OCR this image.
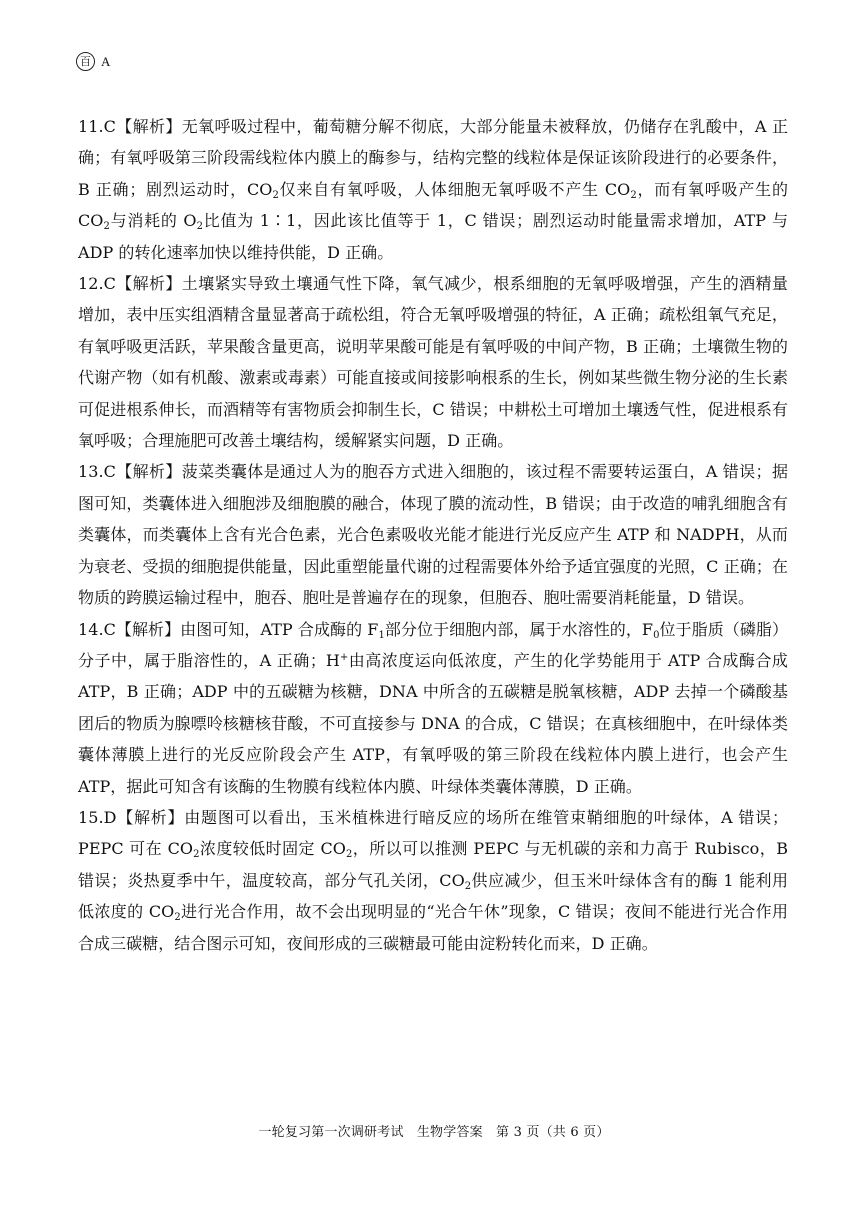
百 A

11.C【解析】无氧呼吸过程中，葡萄糖分解不彻底，大部分能量未被释放，仍储存在乳酸中，A 正确；有氧呼吸第三阶段需线粒体内膜上的酶参与，结构完整的线粒体是保证该阶段进行的必要条件，B 正确；剧烈运动时，$CO_2$仅来自有氧呼吸，人体细胞无氧呼吸不产生 $CO_2$，而有氧呼吸产生的 $CO_2$与消耗的 $O_2$比值为 1∶1，因此该比值等于 1，C 错误；剧烈运动时能量需求增加，ATP 与 ADP 的转化速率加快以维持供能，D 正确。

12.C【解析】土壤紧实导致土壤通气性下降，氧气减少，根系细胞的无氧呼吸增强，产生的酒精量增加，表中压实组酒精含量显著高于疏松组，符合无氧呼吸增强的特征，A 正确；疏松组氧气充足，有氧呼吸更活跃，苹果酸含量更高，说明苹果酸可能是有氧呼吸的中间产物，B 正确；土壤微生物的代谢产物（如有机酸、激素或毒素）可能直接或间接影响根系的生长，例如某些微生物分泌的生长素可促进根系伸长，而酒精等有害物质会抑制生长，C 错误；中耕松土可增加土壤透气性，促进根系有氧呼吸；合理施肥可改善土壤结构，缓解紧实问题，D 正确。

13.C【解析】菠菜类囊体是通过人为的胞吞方式进入细胞的，该过程不需要转运蛋白，A 错误；据图可知，类囊体进入细胞涉及细胞膜的融合，体现了膜的流动性，B 错误；由于改造的哺乳细胞含有类囊体，而类囊体上含有光合色素，光合色素吸收光能才能进行光反应产生 ATP 和 NADPH，从而为衰老、受损的细胞提供能量，因此重塑能量代谢的过程需要体外给予适宜强度的光照，C 正确；在物质的跨膜运输过程中，胞吞、胞吐是普遍存在的现象，但胞吞、胞吐需要消耗能量，D 错误。

14.C【解析】由图可知，ATP 合成酶的 $F_1$部分位于细胞内部，属于水溶性的，$F_0$位于脂质（磷脂）分子中，属于脂溶性的，A 正确；H+由高浓度运向低浓度，产生的化学势能用于 ATP 合成酶合成 ATP，B 正确；ADP 中的五碳糖为核糖，DNA 中所含的五碳糖是脱氧核糖，ADP 去掉一个磷酸基团后的物质为腺嘌呤核糖核苷酸，不可直接参与 DNA 的合成，C 错误；在真核细胞中，在叶绿体类囊体薄膜上进行的光反应阶段会产生 ATP，有氧呼吸的第三阶段在线粒体内膜上进行，也会产生 ATP，据此可知含有该酶的生物膜有线粒体内膜、叶绿体类囊体薄膜，D 正确。

15.D【解析】由题图可以看出，玉米植株进行暗反应的场所在维管束鞘细胞的叶绿体，A 错误；PEPC 可在 $CO_2$浓度较低时固定 $CO_2$，所以可以推测 PEPC 与无机碳的亲和力高于 Rubisco，B 错误；炎热夏季中午，温度较高，部分气孔关闭，$CO_2$供应减少，但玉米叶绿体含有的酶 1 能利用低浓度的 $CO_2$进行光合作用，故不会出现明显的“光合午休”现象，C 错误；夜间不能进行光合作用合成三碳糖，结合图示可知，夜间形成的三碳糖最可能由淀粉转化而来，D 正确。

一轮复习第一次调研考试　生物学答案　第 3 页（共 6 页）
